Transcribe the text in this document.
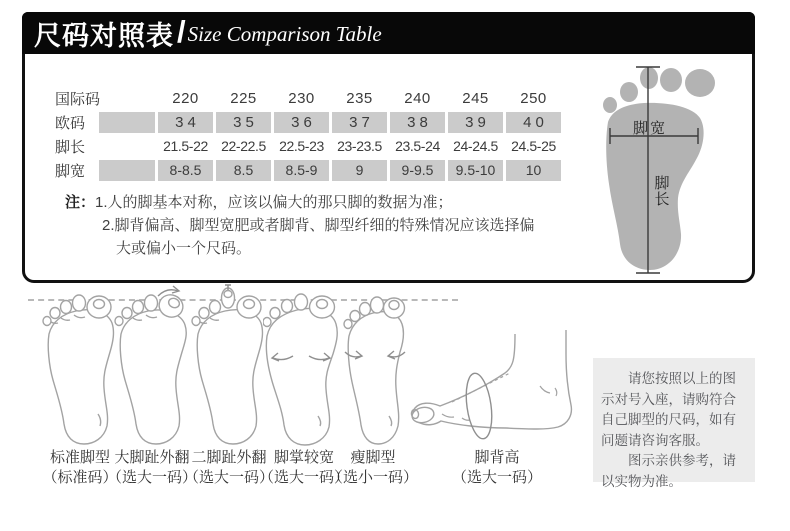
尺码对照表 / Size Comparison Table
国际码	220	225	230	235	240	245	250
欧码	34	35	36	37	38	39	40
脚长	21.5-22 22-22.5 22.5-23 23-23.5 23.5-24 24-24.5 24.5-25
脚宽	8-8.5	8.5	8.5-9	9	9-9.5	9.5-10	10
注：1.人的脚基本对称，应该以偏大的那只脚的数据为准；
2.脚背偏高、脚型宽肥或者脚背、脚型纤细的特殊情况应该选择偏
大或偏小一个尺码。
脚宽
脚长
标准脚型
（标准码）
大脚趾外翻
（选大一码）
二脚趾外翻
（选大一码）
脚掌较宽
（选大一码）
瘦脚型
（选小一码）
脚背高
（选大一码）

请您按照以上的图示对号入座，请购符合自己脚型的尺码，如有问题请咨询客服。

图示亲供参考，请以实物为准。
